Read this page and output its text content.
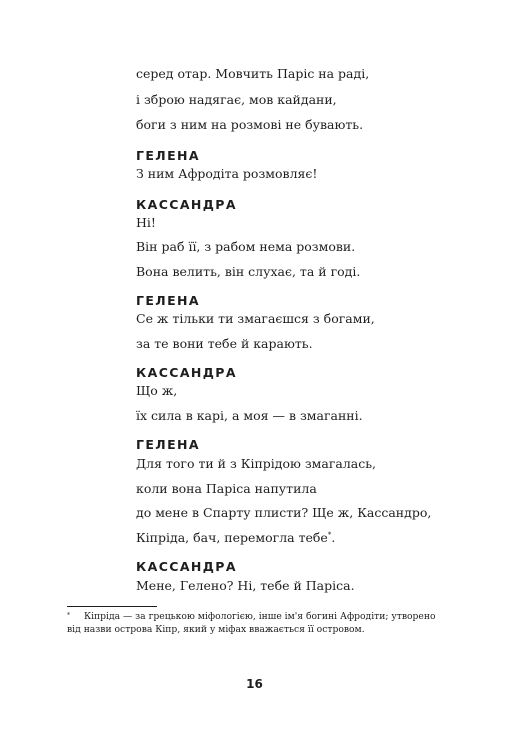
серед отар. Мовчить Паріс на раді,
і зброю надягає, мов кайдани,
боги з ним на розмові не бувають.
ГЕЛЕНА
З ним Афродіта розмовляє!
КАССАНДРА
Ні!
Він раб її, з рабом нема розмови.
Вона велить, він слухає, та й годі.
ГЕЛЕНА
Се ж тільки ти змагаєшся з богами,
за те вони тебе й карають.
КАССАНДРА
Що ж,
їх сила в карі, а моя — в змаганні.
ГЕЛЕНА
Для того ти й з Кіпрідою змагалась,
коли вона Паріса напутила
до мене в Спарту плисти? Ще ж, Кассандро,
Кіпріда, бач, перемогла тебе*.
КАССАНДРА
Мене, Гелено? Ні, тебе й Паріса.
* Кіпріда — за грецькою міфологією, інше ім'я богині Афродіти; утворено
від назви острова Кіпр, який у міфах вважається її островом.
16
